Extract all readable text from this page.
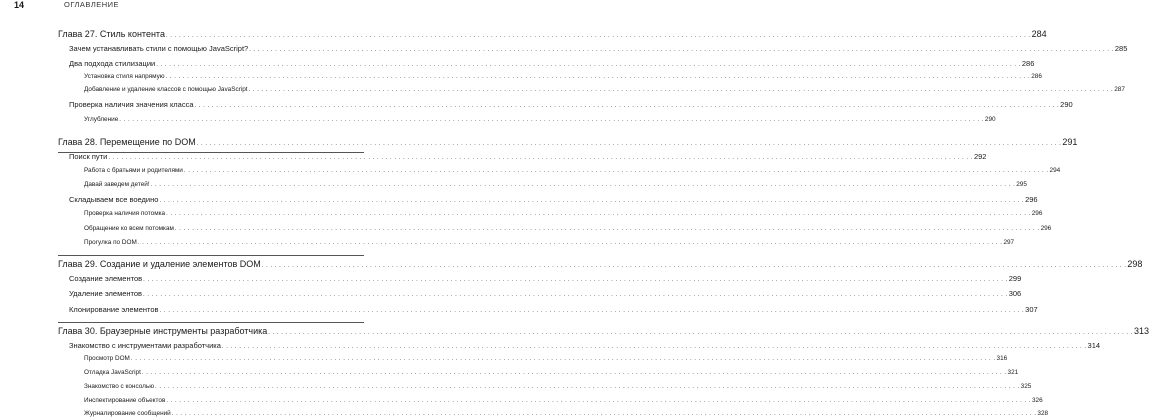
14	ОГЛАВЛЕНИЕ
Глава 27. Стиль контента . . . . . . . . . . . . . . . . . . . . . . . . . . . . . . . . . . . . . . . . . . . . . . . . . . . . . . . . . . . . . . . . . . . . . . . . . . . . . . . . . . . . . . . . . . . . . . . . . . . . . . . . . . . . . . . . . . . . . . . . . . . . . . . . . . . . . . . . . . . . . . . . . . . . . . . . . . . . . . . . . . . . . . . . . . . . . . . . . . . . . . . . . . . . . . . . . . . . . . . . 284
Зачем устанавливать стили с помощью JavaScript? . . . . . . . . . . . . . . . . . . . . . . . . . . . . . . . . . . . . . . . . . . . . . . . . . . . . . . . . . . . . . . . . . . . . . . . . . . . . . . . . . . . . . . . . . . . . . . . . . . . . . . . . . . . . . . . . . . . . . . . . . . . . . . . . . . . . . . . . . . . . . . . . . . . . . . . . . . . . . . . . . . . . . . . . . . . . . . . . . . . . . . . . . . . . . . . . . . . . . . . . 285
Два подхода стилизации . . . . . . . . . . . . . . . . . . . . . . . . . . . . . . . . . . . . . . . . . . . . . . . . . . . . . . . . . . . . . . . . . . . . . . . . . . . . . . . . . . . . . . . . . . . . . . . . . . . . . . . . . . . . . . . . . . . . . . . . . . . . . . . . . . . . . . . . . . . . . . . . . . . . . . . . . . . . . . . . . . . . . . . . . . . . . . . . . . . . . . . . . . . . . . . . . . . . . . . . 286
Установка стиля напрямую . . . . . . . . . . . . . . . . . . . . . . . . . . . . . . . . . . . . . . . . . . . . . . . . . . . . . . . . . . . . . . . . . . . . . . . . . . . . . . . . . . . . . . . . . . . . . . . . . . . . . . . . . . . . . . . . . . . . . . . . . . . . . . . . . . . . . . . . . . . . . . . . . . . . . . . . . . . . . . . . . . . . . . . . . . . . . . . . . . . . . . . . . . . . . . . . . . . . . . . . 286
Добавление и удаление классов с помощью JavaScript . . . . . . . . . . . . . . . . . . . . . . . . . . . . . . . . . . . . . . . . . . . . . . . . . . . . . . . . . . . . . . . . . . . . . . . . . . . . . . . . . . . . . . . . . . . . . . . . . . . . . . . . . . . . . . . . . . . . . . . . . . . . . . . . . . . . . . . . . . . . . . . . . . . . . . . . . . . . . . . . . . . . . . . . . . . . . . . . . . . . . . . . . . . . . . . . . . . . . . . . 287
Проверка наличия значения класса . . . . . . . . . . . . . . . . . . . . . . . . . . . . . . . . . . . . . . . . . . . . . . . . . . . . . . . . . . . . . . . . . . . . . . . . . . . . . . . . . . . . . . . . . . . . . . . . . . . . . . . . . . . . . . . . . . . . . . . . . . . . . . . . . . . . . . . . . . . . . . . . . . . . . . . . . . . . . . . . . . . . . . . . . . . . . . . . . . . . . . . . . . . . . . . . . . . . . . . . 290
Углубление . . . . . . . . . . . . . . . . . . . . . . . . . . . . . . . . . . . . . . . . . . . . . . . . . . . . . . . . . . . . . . . . . . . . . . . . . . . . . . . . . . . . . . . . . . . . . . . . . . . . . . . . . . . . . . . . . . . . . . . . . . . . . . . . . . . . . . . . . . . . . . . . . . . . . . . . . . . . . . . . . . . . . . . . . . . . . . . . . . . . . . . . . . . . . . . . . . . . . . . . 290
Глава 28. Перемещение по DOM . . . . . . . . . . . . . . . . . . . . . . . . . . . . . . . . . . . . . . . . . . . . . . . . . . . . . . . . . . . . . . . . . . . . . . . . . . . . . . . . . . . . . . . . . . . . . . . . . . . . . . . . . . . . . . . . . . . . . . . . . . . . . . . . . . . . . . . . . . . . . . . . . . . . . . . . . . . . . . . . . . . . . . . . . . . . . . . . . . . . . . . . . . . . . . . . . . . . . . . . 291
Поиск пути . . . . . . . . . . . . . . . . . . . . . . . . . . . . . . . . . . . . . . . . . . . . . . . . . . . . . . . . . . . . . . . . . . . . . . . . . . . . . . . . . . . . . . . . . . . . . . . . . . . . . . . . . . . . . . . . . . . . . . . . . . . . . . . . . . . . . . . . . . . . . . . . . . . . . . . . . . . . . . . . . . . . . . . . . . . . . . . . . . . . . . . . . . . . . . . . . . . . . . . . 292
Работа с братьями и родителями . . . . . . . . . . . . . . . . . . . . . . . . . . . . . . . . . . . . . . . . . . . . . . . . . . . . . . . . . . . . . . . . . . . . . . . . . . . . . . . . . . . . . . . . . . . . . . . . . . . . . . . . . . . . . . . . . . . . . . . . . . . . . . . . . . . . . . . . . . . . . . . . . . . . . . . . . . . . . . . . . . . . . . . . . . . . . . . . . . . . . . . . . . . . . . . . . . . . . . . . 294
Давай заведем детей! . . . . . . . . . . . . . . . . . . . . . . . . . . . . . . . . . . . . . . . . . . . . . . . . . . . . . . . . . . . . . . . . . . . . . . . . . . . . . . . . . . . . . . . . . . . . . . . . . . . . . . . . . . . . . . . . . . . . . . . . . . . . . . . . . . . . . . . . . . . . . . . . . . . . . . . . . . . . . . . . . . . . . . . . . . . . . . . . . . . . . . . . . . . . . . . . . . . . . . . . 295
Складываем все воедино . . . . . . . . . . . . . . . . . . . . . . . . . . . . . . . . . . . . . . . . . . . . . . . . . . . . . . . . . . . . . . . . . . . . . . . . . . . . . . . . . . . . . . . . . . . . . . . . . . . . . . . . . . . . . . . . . . . . . . . . . . . . . . . . . . . . . . . . . . . . . . . . . . . . . . . . . . . . . . . . . . . . . . . . . . . . . . . . . . . . . . . . . . . . . . . . . . . . . . . . 296
Проверка наличия потомка . . . . . . . . . . . . . . . . . . . . . . . . . . . . . . . . . . . . . . . . . . . . . . . . . . . . . . . . . . . . . . . . . . . . . . . . . . . . . . . . . . . . . . . . . . . . . . . . . . . . . . . . . . . . . . . . . . . . . . . . . . . . . . . . . . . . . . . . . . . . . . . . . . . . . . . . . . . . . . . . . . . . . . . . . . . . . . . . . . . . . . . . . . . . . . . . . . . . . . . . 296
Обращение ко всем потомкам . . . . . . . . . . . . . . . . . . . . . . . . . . . . . . . . . . . . . . . . . . . . . . . . . . . . . . . . . . . . . . . . . . . . . . . . . . . . . . . . . . . . . . . . . . . . . . . . . . . . . . . . . . . . . . . . . . . . . . . . . . . . . . . . . . . . . . . . . . . . . . . . . . . . . . . . . . . . . . . . . . . . . . . . . . . . . . . . . . . . . . . . . . . . . . . . . . . . . . . . 296
Прогулка по DOM . . . . . . . . . . . . . . . . . . . . . . . . . . . . . . . . . . . . . . . . . . . . . . . . . . . . . . . . . . . . . . . . . . . . . . . . . . . . . . . . . . . . . . . . . . . . . . . . . . . . . . . . . . . . . . . . . . . . . . . . . . . . . . . . . . . . . . . . . . . . . . . . . . . . . . . . . . . . . . . . . . . . . . . . . . . . . . . . . . . . . . . . . . . . . . . . . . . . . . . . 297
Глава 29. Создание и удаление элементов DOM . . . . . . . . . . . . . . . . . . . . . . . . . . . . . . . . . . . . . . . . . . . . . . . . . . . . . . . . . . . . . . . . . . . . . . . . . . . . . . . . . . . . . . . . . . . . . . . . . . . . . . . . . . . . . . . . . . . . . . . . . . . . . . . . . . . . . . . . . . . . . . . . . . . . . . . . . . . . . . . . . . . . . . . . . . . . . . . . . . . . . . . . . . . . . . . . . . . . . . . . 298
Создание элементов . . . . . . . . . . . . . . . . . . . . . . . . . . . . . . . . . . . . . . . . . . . . . . . . . . . . . . . . . . . . . . . . . . . . . . . . . . . . . . . . . . . . . . . . . . . . . . . . . . . . . . . . . . . . . . . . . . . . . . . . . . . . . . . . . . . . . . . . . . . . . . . . . . . . . . . . . . . . . . . . . . . . . . . . . . . . . . . . . . . . . . . . . . . . . . . . . . . . . . . . 299
Удаление элементов . . . . . . . . . . . . . . . . . . . . . . . . . . . . . . . . . . . . . . . . . . . . . . . . . . . . . . . . . . . . . . . . . . . . . . . . . . . . . . . . . . . . . . . . . . . . . . . . . . . . . . . . . . . . . . . . . . . . . . . . . . . . . . . . . . . . . . . . . . . . . . . . . . . . . . . . . . . . . . . . . . . . . . . . . . . . . . . . . . . . . . . . . . . . . . . . . . . . . . . . 306
Клонирование элементов . . . . . . . . . . . . . . . . . . . . . . . . . . . . . . . . . . . . . . . . . . . . . . . . . . . . . . . . . . . . . . . . . . . . . . . . . . . . . . . . . . . . . . . . . . . . . . . . . . . . . . . . . . . . . . . . . . . . . . . . . . . . . . . . . . . . . . . . . . . . . . . . . . . . . . . . . . . . . . . . . . . . . . . . . . . . . . . . . . . . . . . . . . . . . . . . . . . . . . . . 307
Глава 30. Браузерные инструменты разработчика . . . . . . . . . . . . . . . . . . . . . . . . . . . . . . . . . . . . . . . . . . . . . . . . . . . . . . . . . . . . . . . . . . . . . . . . . . . . . . . . . . . . . . . . . . . . . . . . . . . . . . . . . . . . . . . . . . . . . . . . . . . . . . . . . . . . . . . . . . . . . . . . . . . . . . . . . . . . . . . . . . . . . . . . . . . . . . . . . . . . . . . . . . . . . . . . . . . . . . . . 313
Знакомство с инструментами разработчика . . . . . . . . . . . . . . . . . . . . . . . . . . . . . . . . . . . . . . . . . . . . . . . . . . . . . . . . . . . . . . . . . . . . . . . . . . . . . . . . . . . . . . . . . . . . . . . . . . . . . . . . . . . . . . . . . . . . . . . . . . . . . . . . . . . . . . . . . . . . . . . . . . . . . . . . . . . . . . . . . . . . . . . . . . . . . . . . . . . . . . . . . . . . . . . . . . . . . . . . 314
Просмотр DOM . . . . . . . . . . . . . . . . . . . . . . . . . . . . . . . . . . . . . . . . . . . . . . . . . . . . . . . . . . . . . . . . . . . . . . . . . . . . . . . . . . . . . . . . . . . . . . . . . . . . . . . . . . . . . . . . . . . . . . . . . . . . . . . . . . . . . . . . . . . . . . . . . . . . . . . . . . . . . . . . . . . . . . . . . . . . . . . . . . . . . . . . . . . . . . . . . . . . . . . . 316
Отладка JavaScript . . . . . . . . . . . . . . . . . . . . . . . . . . . . . . . . . . . . . . . . . . . . . . . . . . . . . . . . . . . . . . . . . . . . . . . . . . . . . . . . . . . . . . . . . . . . . . . . . . . . . . . . . . . . . . . . . . . . . . . . . . . . . . . . . . . . . . . . . . . . . . . . . . . . . . . . . . . . . . . . . . . . . . . . . . . . . . . . . . . . . . . . . . . . . . . . . . . . . . . . 321
Знакомство с консолью . . . . . . . . . . . . . . . . . . . . . . . . . . . . . . . . . . . . . . . . . . . . . . . . . . . . . . . . . . . . . . . . . . . . . . . . . . . . . . . . . . . . . . . . . . . . . . . . . . . . . . . . . . . . . . . . . . . . . . . . . . . . . . . . . . . . . . . . . . . . . . . . . . . . . . . . . . . . . . . . . . . . . . . . . . . . . . . . . . . . . . . . . . . . . . . . . . . . . . . . 325
Инспектирование объектов . . . . . . . . . . . . . . . . . . . . . . . . . . . . . . . . . . . . . . . . . . . . . . . . . . . . . . . . . . . . . . . . . . . . . . . . . . . . . . . . . . . . . . . . . . . . . . . . . . . . . . . . . . . . . . . . . . . . . . . . . . . . . . . . . . . . . . . . . . . . . . . . . . . . . . . . . . . . . . . . . . . . . . . . . . . . . . . . . . . . . . . . . . . . . . . . . . . . . . . . 326
Журналирование сообщений . . . . . . . . . . . . . . . . . . . . . . . . . . . . . . . . . . . . . . . . . . . . . . . . . . . . . . . . . . . . . . . . . . . . . . . . . . . . . . . . . . . . . . . . . . . . . . . . . . . . . . . . . . . . . . . . . . . . . . . . . . . . . . . . . . . . . . . . . . . . . . . . . . . . . . . . . . . . . . . . . . . . . . . . . . . . . . . . . . . . . . . . . . . . . . . . . . . . . . . . 328
